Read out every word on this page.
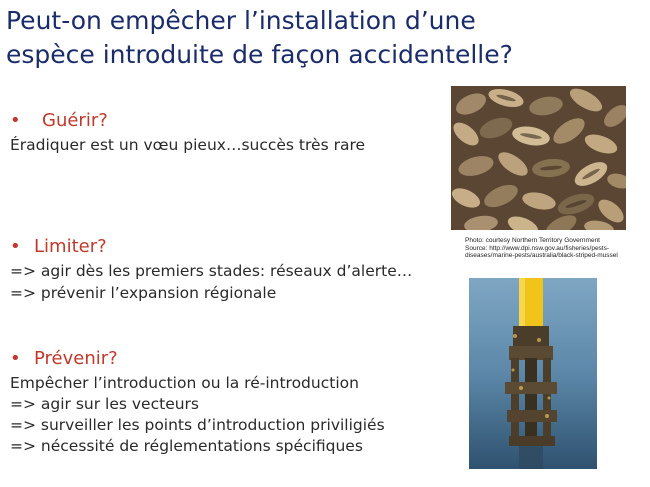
Peut-on empêcher l’installation d’une
espèce introduite de façon accidentelle?
• Guérir?
Éradiquer est un vœu pieux…succès très rare
• Limiter?
=> agir dès les premiers stades: réseaux d’alerte…
=> prévenir l’expansion régionale
• Prévenir?
Empêcher l’introduction ou la ré-introduction
=> agir sur les vecteurs
=> surveiller les points d’introduction priviligiés
=> nécessité de réglementations spécifiques
Photo: courtesy Northern Territory Government
Source: http://www.dpi.nsw.gov.au/fisheries/pests-
diseases/marine-pests/australia/black-striped-mussel
